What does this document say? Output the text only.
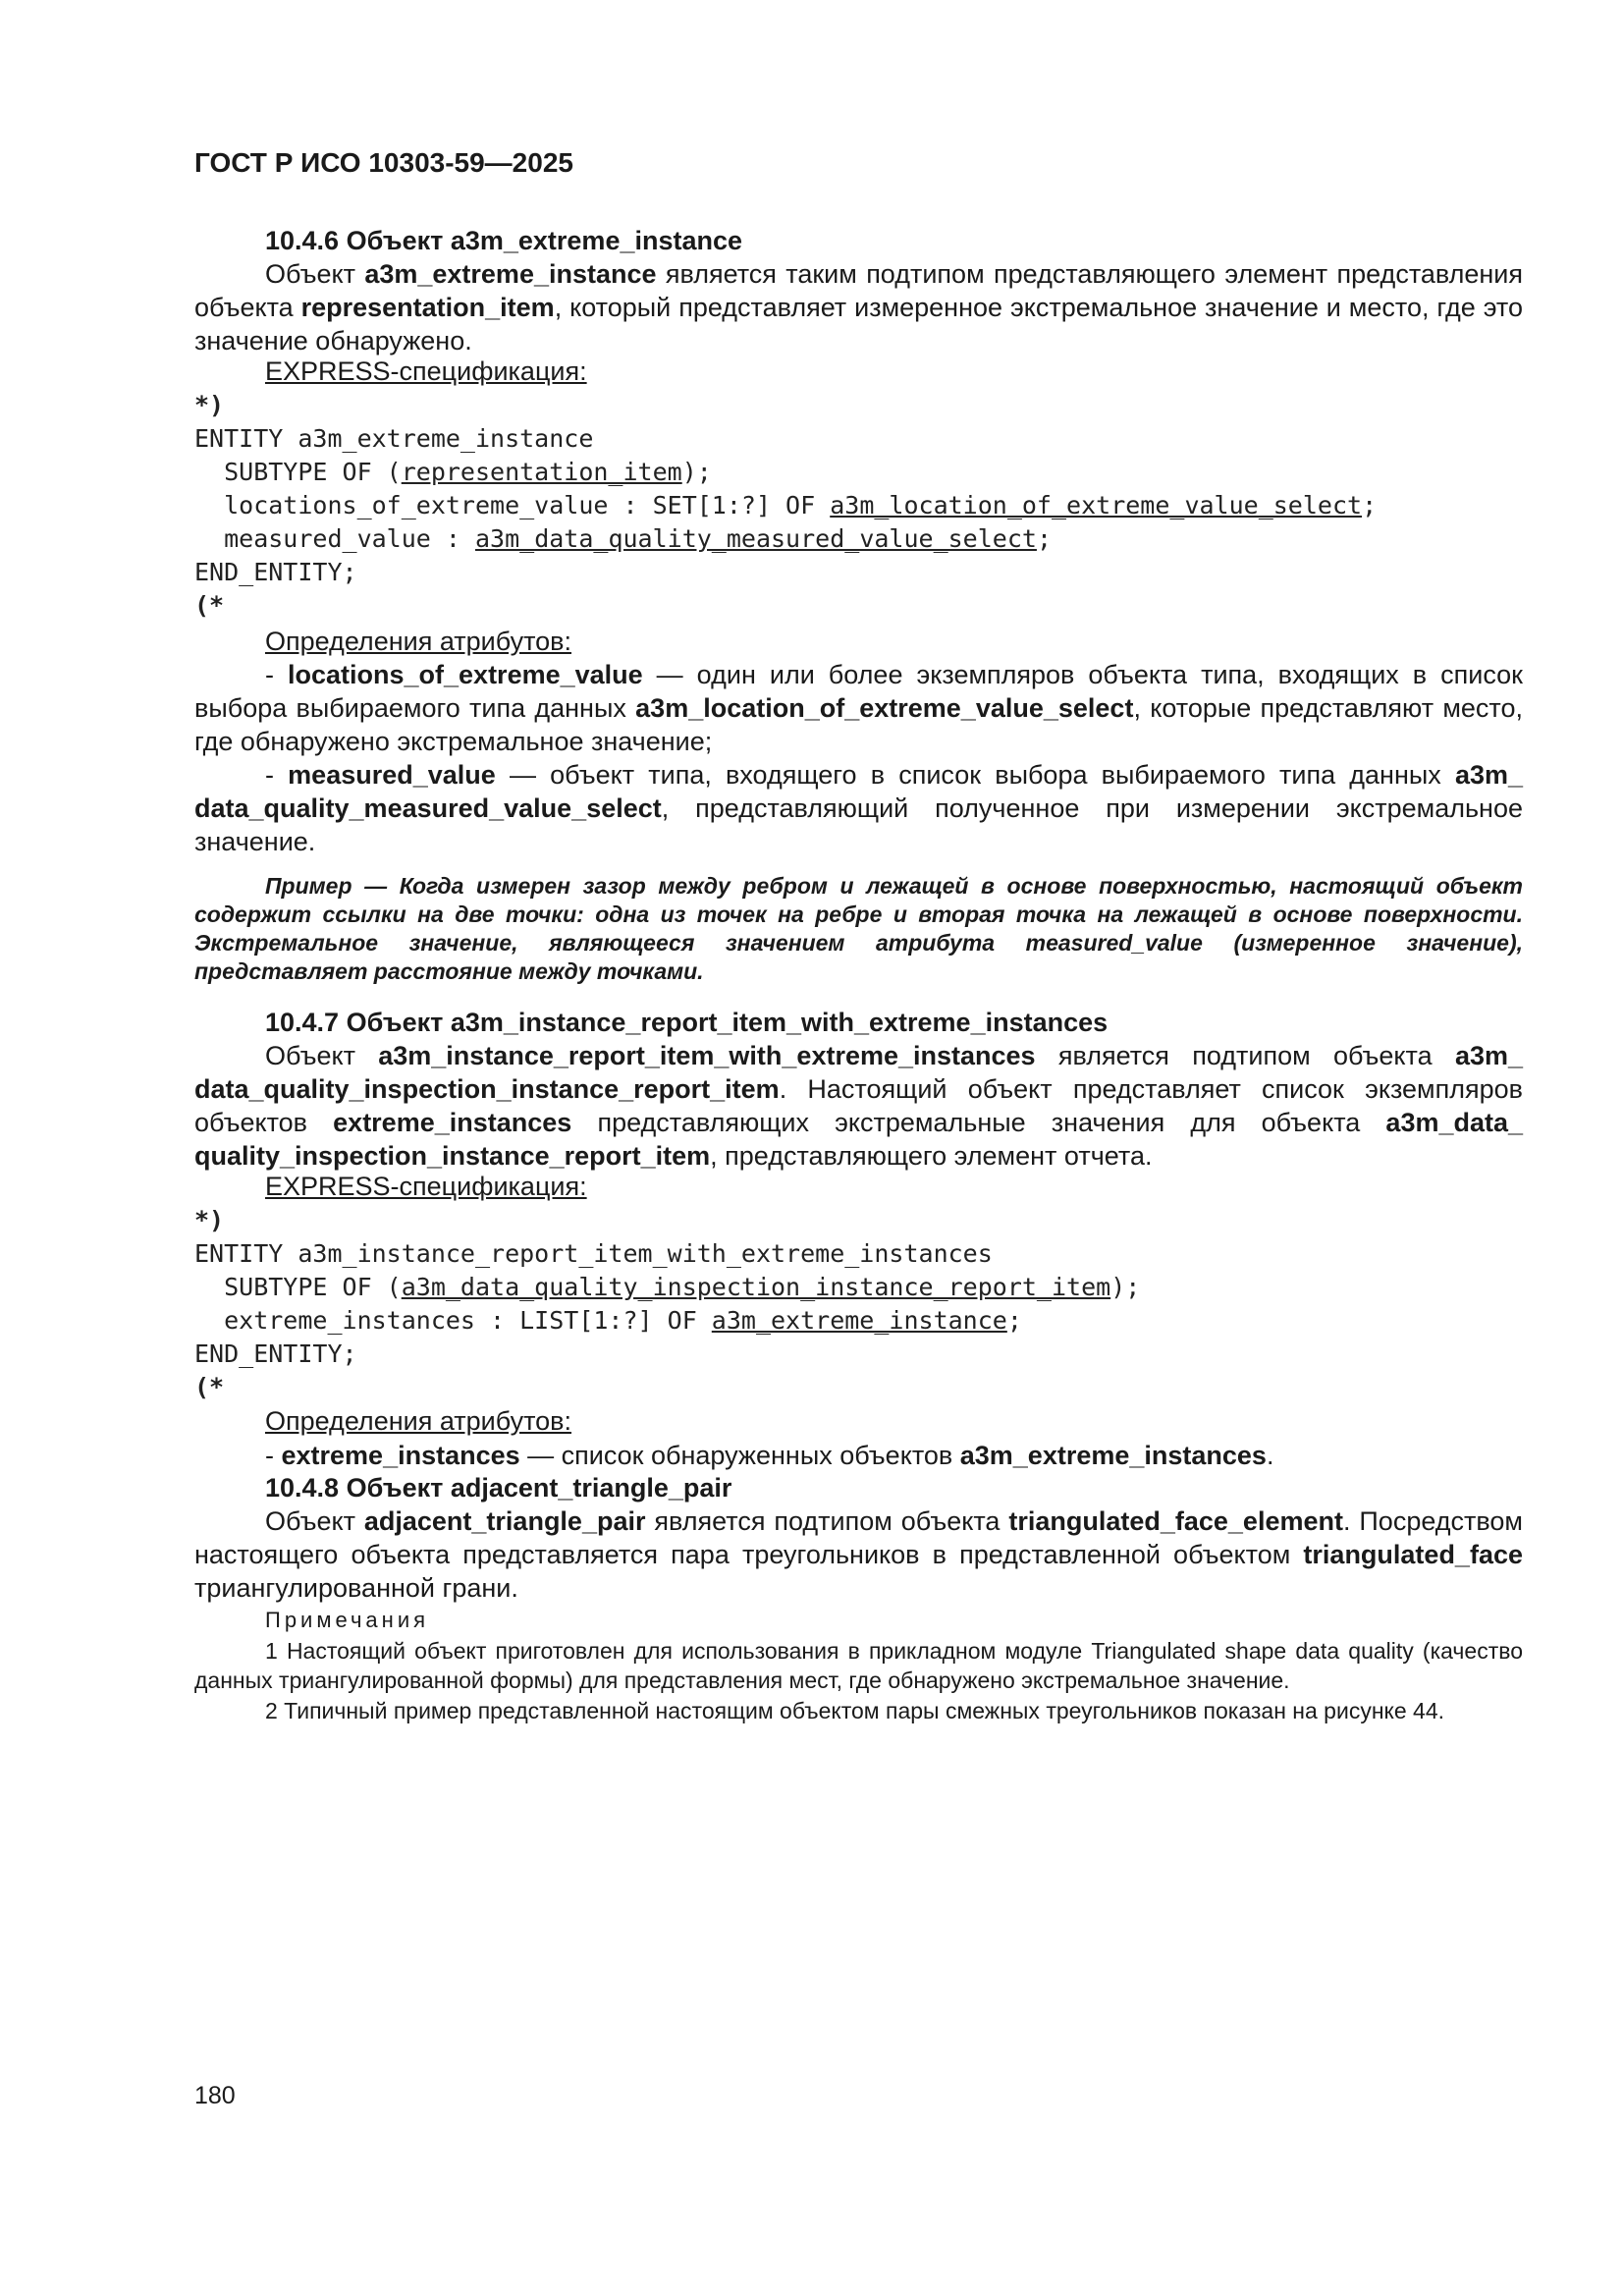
ГОСТ Р ИСО 10303-59—2025
10.4.6 Объект a3m_extreme_instance
Объект a3m_extreme_instance является таким подтипом представляющего элемент представления объекта representation_item, который представляет измеренное экстремальное значение и место, где это значение обнаружено.
EXPRESS-спецификация:
*)
ENTITY a3m_extreme_instance
SUBTYPE OF (representation_item);
locations_of_extreme_value : SET[1:?] OF a3m_location_of_extreme_value_select;
measured_value : a3m_data_quality_measured_value_select;
END_ENTITY;
(*
Определения атрибутов:
- locations_of_extreme_value — один или более экземпляров объекта типа, входящих в список выбора выбираемого типа данных a3m_location_of_extreme_value_select, которые представляют место, где обнаружено экстремальное значение;
- measured_value — объект типа, входящего в список выбора выбираемого типа данных a3m_ data_quality_measured_value_select, представляющий полученное при измерении экстремальное значение.
Пример — Когда измерен зазор между ребром и лежащей в основе поверхностью, настоящий объект содержит ссылки на две точки: одна из точек на ребре и вторая точка на лежащей в основе поверхности. Экстремальное значение, являющееся значением атрибута measured_value (измеренное значение), представляет расстояние между точками.
10.4.7 Объект a3m_instance_report_item_with_extreme_instances
Объект a3m_instance_report_item_with_extreme_instances является подтипом объекта a3m_ data_quality_inspection_instance_report_item. Настоящий объект представляет список экземпляров объектов extreme_instances представляющих экстремальные значения для объекта a3m_data_ quality_inspection_instance_report_item, представляющего элемент отчета.
EXPRESS-спецификация:
*)
ENTITY a3m_instance_report_item_with_extreme_instances
SUBTYPE OF (a3m_data_quality_inspection_instance_report_item);
extreme_instances : LIST[1:?] OF a3m_extreme_instance;
END_ENTITY;
(*
Определения атрибутов:
- extreme_instances — список обнаруженных объектов a3m_extreme_instances.
10.4.8 Объект adjacent_triangle_pair
Объект adjacent_triangle_pair является подтипом объекта triangulated_face_element. Посредством настоящего объекта представляется пара треугольников в представленной объектом triangulated_face триангулированной грани.
Примечания
1 Настоящий объект приготовлен для использования в прикладном модуле Triangulated shape data quality (качество данных триангулированной формы) для представления мест, где обнаружено экстремальное значение.
2 Типичный пример представленной настоящим объектом пары смежных треугольников показан на рисунке 44.
180
